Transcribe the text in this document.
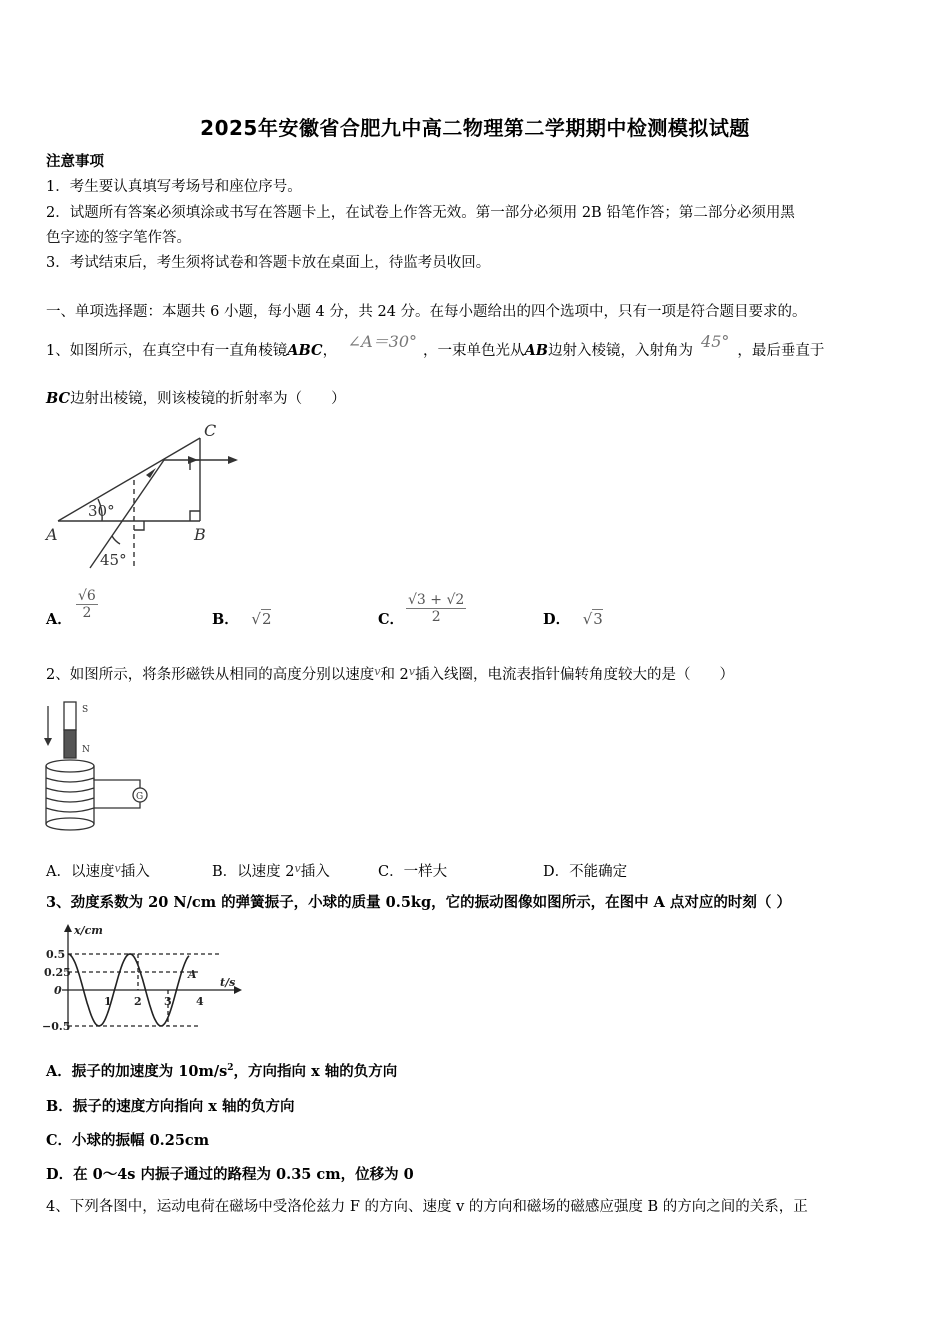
2025年安徽省合肥九中高二物理第二学期期中检测模拟试题
注意事项
1．考生要认真填写考场号和座位序号。
2．试题所有答案必须填涂或书写在答题卡上，在试卷上作答无效。第一部分必须用 2B 铅笔作答；第二部分必须用黑
色字迹的签字笔作答。
3．考试结束后，考生须将试卷和答题卡放在桌面上，待监考员收回。
一、单项选择题：本题共 6 小题，每小题 4 分，共 24 分。在每小题给出的四个选项中，只有一项是符合题目要求的。
1、如图所示，在真空中有一直角棱镜ABC， ∠A＝30° ，一束单色光从AB边射入棱镜，入射角为 45° ，最后垂直于
BC边射出棱镜，则该棱镜的折射率为（　　）
C
A	B
30°
45°
A． $\frac{√6}{2}$	B． √2	C． $\frac{√3 + √2}{2}$	D． √3
2、如图所示，将条形磁铁从相同的高度分别以速度$^v$和 2$^v$插入线圈，电流表指针偏转角度较大的是（　　）
S
N
G
A．以速度$^v$插入	B．以速度 2$^v$插入	C．一样大	D．不能确定
3、劲度系数为 20 N/cm 的弹簧振子，小球的质量 0.5kg，它的振动图像如图所示，在图中 A 点对应的时刻（ ）
x/cm
t/s
0.5
0.25
0
−0.5
1 2 3 4
A
A．振子的加速度为 $10m/s^2$，方向指向 x 轴的负方向
B．振子的速度方向指向 x 轴的负方向
C．小球的振幅 0.25cm
D．在 0～4s 内振子通过的路程为 0.35 cm，位移为 0
4、下列各图中，运动电荷在磁场中受洛伦兹力 F 的方向、速度 v 的方向和磁场的磁感应强度 B 的方向之间的关系，正
